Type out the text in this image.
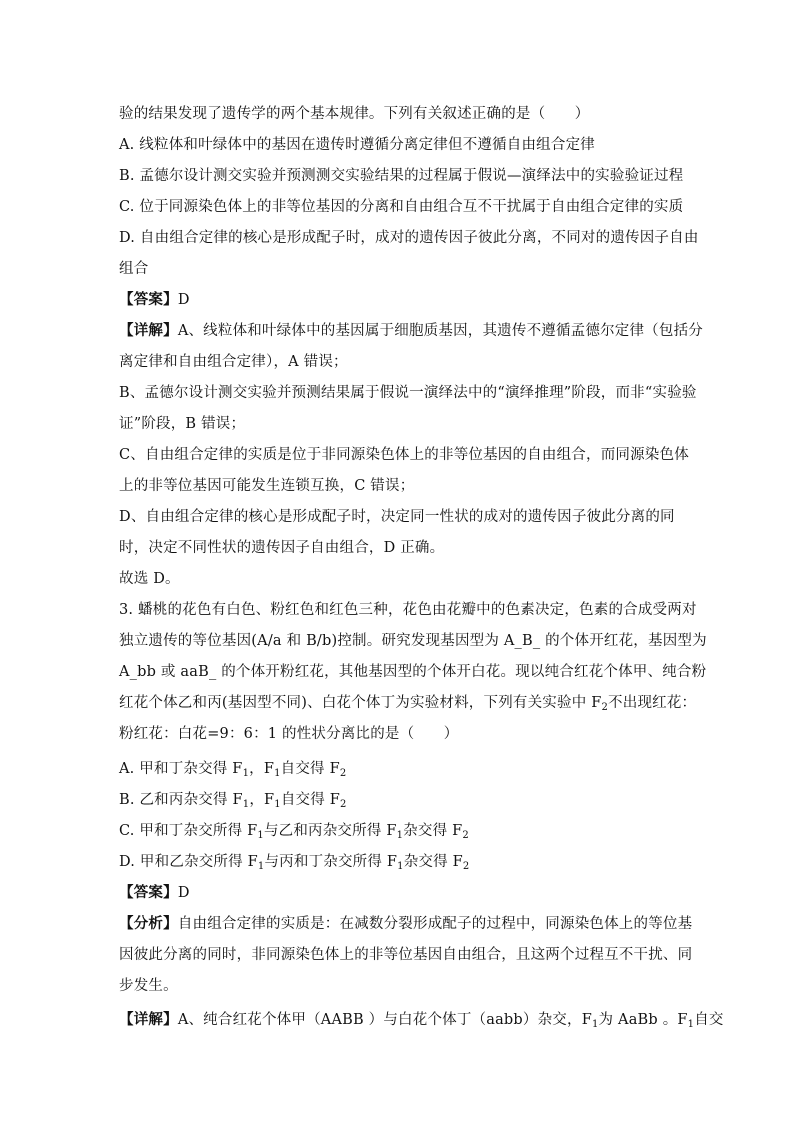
验的结果发现了遗传学的两个基本规律。下列有关叙述正确的是（　　）
A. 线粒体和叶绿体中的基因在遗传时遵循分离定律但不遵循自由组合定律
B. 孟德尔设计测交实验并预测测交实验结果的过程属于假说—演绎法中的实验验证过程
C. 位于同源染色体上的非等位基因的分离和自由组合互不干扰属于自由组合定律的实质
D. 自由组合定律的核心是形成配子时，成对的遗传因子彼此分离，不同对的遗传因子自由
组合
【答案】D
【详解】A、线粒体和叶绿体中的基因属于细胞质基因，其遗传不遵循孟德尔定律（包括分
离定律和自由组合定律），A 错误；
B、孟德尔设计测交实验并预测结果属于假说一演绎法中的“演绎推理”阶段，而非“实验验
证”阶段，B 错误；
C、自由组合定律的实质是位于非同源染色体上的非等位基因的自由组合，而同源染色体
上的非等位基因可能发生连锁互换，C 错误；
D、自由组合定律的核心是形成配子时，决定同一性状的成对的遗传因子彼此分离的同
时，决定不同性状的遗传因子自由组合，D 正确。
故选 D。
3. 蟠桃的花色有白色、粉红色和红色三种，花色由花瓣中的色素决定，色素的合成受两对
独立遗传的等位基因(A/a 和 B/b)控制。研究发现基因型为 A_B_ 的个体开红花，基因型为
A_bb 或 aaB_ 的个体开粉红花，其他基因型的个体开白花。现以纯合红花个体甲、纯合粉
红花个体乙和丙(基因型不同)、白花个体丁为实验材料，下列有关实验中 $F_2$不出现红花：
粉红花：白花=9：6：1 的性状分离比的是（　　）
A. 甲和丁杂交得 $F_1$，$F_1$自交得 $F_2$
B. 乙和丙杂交得 $F_1$，$F_1$自交得 $F_2$
C. 甲和丁杂交所得 $F_1$与乙和丙杂交所得 $F_1$杂交得 $F_2$
D. 甲和乙杂交所得 $F_1$与丙和丁杂交所得 $F_1$杂交得 $F_2$
【答案】D
【分析】自由组合定律的实质是：在减数分裂形成配子的过程中，同源染色体上的等位基
因彼此分离的同时，非同源染色体上的非等位基因自由组合，且这两个过程互不干扰、同
步发生。
【详解】A、纯合红花个体甲（AABB ）与白花个体丁（aabb）杂交，$F_1$为 AaBb 。$F_1$自交
